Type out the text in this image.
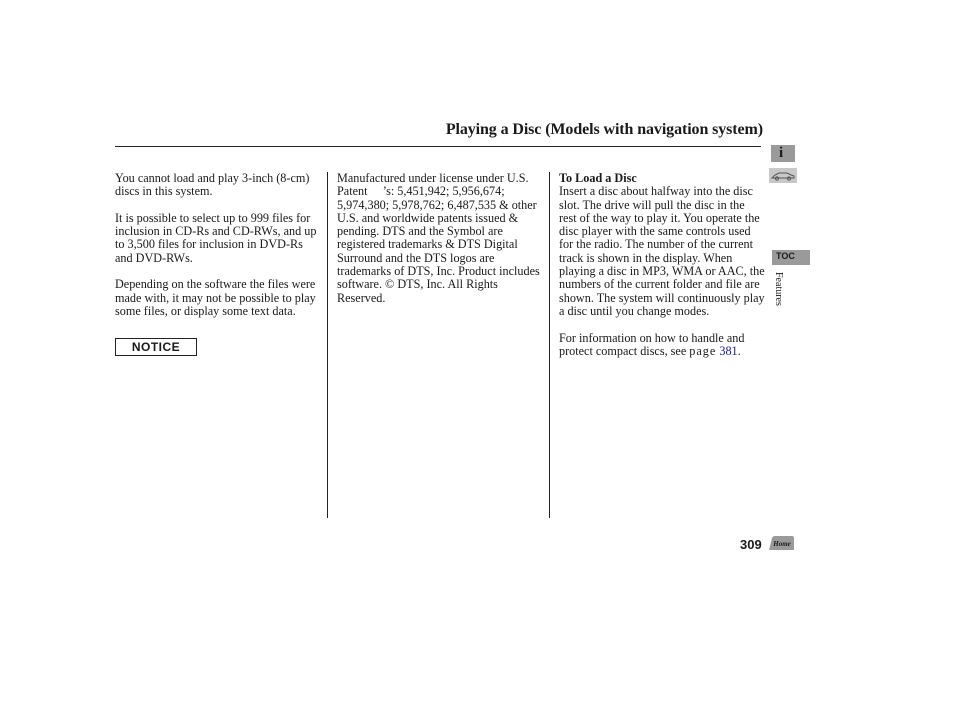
Playing a Disc (Models with navigation system)

You cannot load and play 3-inch (8-cm) discs in this system.

It is possible to select up to 999 files for inclusion in CD-Rs and CD-RWs, and up to 3,500 files for inclusion in DVD-Rs and DVD-RWs.

Depending on the software the files were made with, it may not be possible to play some files, or display some text data.

NOTICE

Manufactured under license under U.S. Patent     ’s: 5,451,942; 5,956,674; 5,974,380; 5,978,762; 6,487,535 & other U.S. and worldwide patents issued & pending. DTS and the Symbol are registered trademarks & DTS Digital Surround and the DTS logos are trademarks of DTS, Inc. Product includes software. © DTS, Inc. All Rights Reserved.

To Load a Disc

Insert a disc about halfway into the disc slot. The drive will pull the disc in the rest of the way to play it. You operate the disc player with the same controls used for the radio. The number of the current track is shown in the display. When playing a disc in MP3, WMA or AAC, the numbers of the current folder and file are shown. The system will continuously play a disc until you change modes.

For information on how to handle and protect compact discs, see page 381.

309
i
TOC
Features
Home
